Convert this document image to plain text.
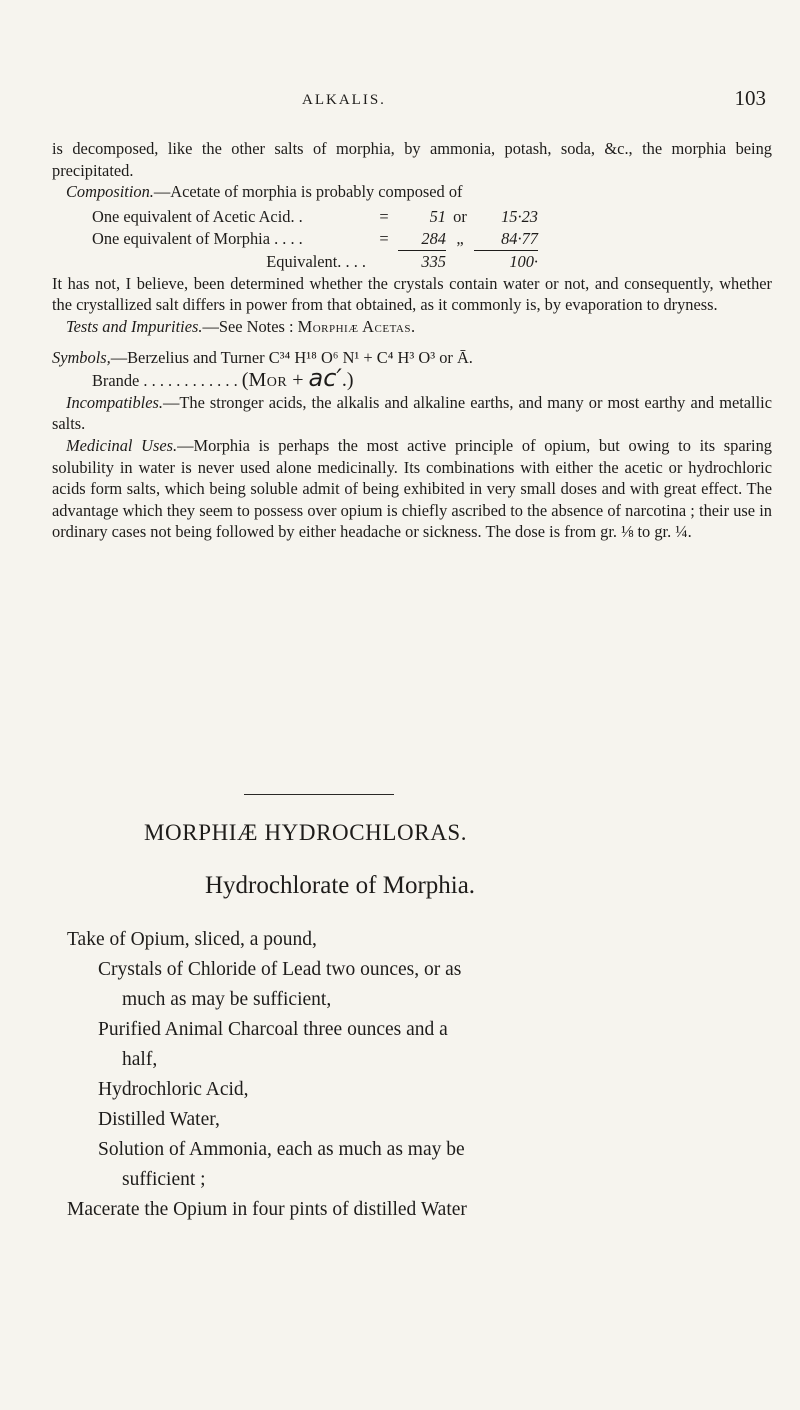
ALKALIS.	103

is decomposed, like the other salts of morphia, by ammonia, potash, soda, &c., the morphia being precipitated.

Composition.—Acetate of morphia is probably composed of

One equivalent of Acetic Acid. .	=	51	or	15·23
One equivalent of Morphia . . . .	=	284	„	84·77
Equivalent. . . .		335		100·

It has not, I believe, been determined whether the crystals contain water or not, and consequently, whether the crystallized salt differs in power from that obtained, as it commonly is, by evaporation to dryness.

Tests and Impurities.—See Notes : Morphiæ Acetas.

Symbols,—Berzelius and Turner C³⁴ H¹⁸ O⁶ N¹ + C⁴ H³ O³ or Ā.

Brande . . . . . . . . . . . . (Mor + ac′.)

Incompatibles.—The stronger acids, the alkalis and alkaline earths, and many or most earthy and metallic salts.

Medicinal Uses.—Morphia is perhaps the most active principle of opium, but owing to its sparing solubility in water is never used alone medicinally. Its combinations with either the acetic or hydrochloric acids form salts, which being soluble admit of being exhibited in very small doses and with great effect. The advantage which they seem to possess over opium is chiefly ascribed to the absence of narcotina ; their use in ordinary cases not being followed by either headache or sickness. The dose is from gr. ⅛ to gr. ¼.

MORPHIÆ HYDROCHLORAS.
Hydrochlorate of Morphia.

Take of Opium, sliced, a pound,

Crystals of Chloride of Lead two ounces, or as

much as may be sufficient,

Purified Animal Charcoal three ounces and a

half,

Hydrochloric Acid,

Distilled Water,

Solution of Ammonia, each as much as may be

sufficient ;

Macerate the Opium in four pints of distilled Water
